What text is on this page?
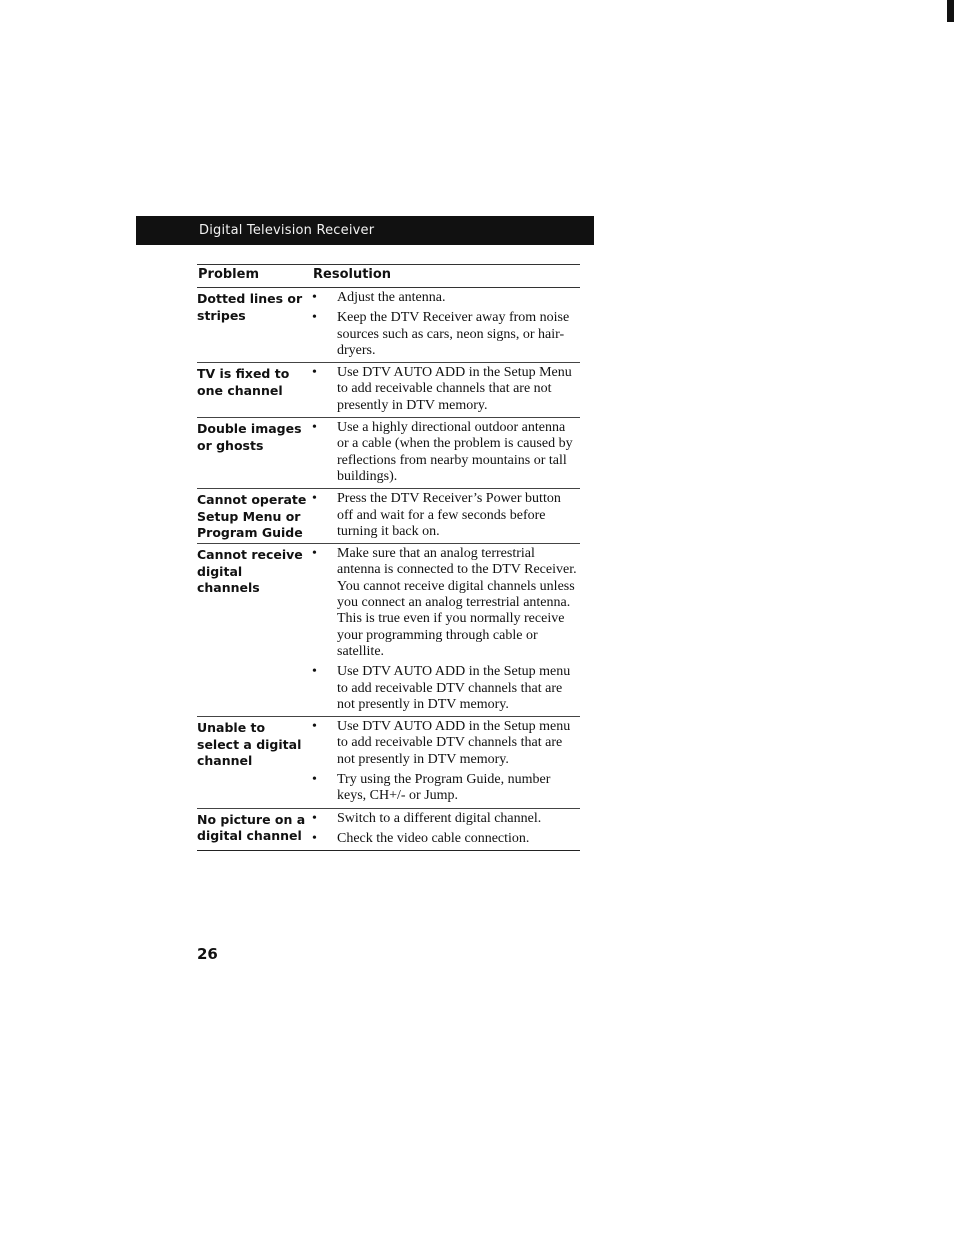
Digital Television Receiver
Problem	Resolution
Dotted lines or stripes
• Adjust the antenna.
• Keep the DTV Receiver away from noise sources such as cars, neon signs, or hair-dryers.
TV is fixed to one channel
• Use DTV AUTO ADD in the Setup Menu to add receivable channels that are not presently in DTV memory.
Double images or ghosts
• Use a highly directional outdoor antenna or a cable (when the problem is caused by reflections from nearby mountains or tall buildings).
Cannot operate Setup Menu or Program Guide
• Press the DTV Receiver’s Power button off and wait for a few seconds before turning it back on.
Cannot receive digital channels
• Make sure that an analog terrestrial antenna is connected to the DTV Receiver. You cannot receive digital channels unless you connect an analog terrestrial antenna. This is true even if you normally receive your programming through cable or satellite.
• Use DTV AUTO ADD in the Setup menu to add receivable DTV channels that are not presently in DTV memory.
Unable to select a digital channel
• Use DTV AUTO ADD in the Setup menu to add receivable DTV channels that are not presently in DTV memory.
• Try using the Program Guide, number keys, CH+/- or Jump.
No picture on a digital channel
• Switch to a different digital channel.
• Check the video cable connection.
26
